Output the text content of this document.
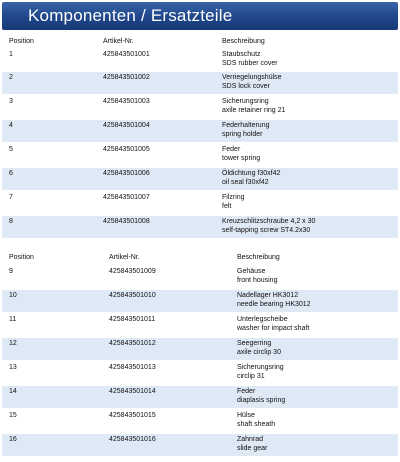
Komponenten / Ersatzteile
Position	Artikel-Nr.	Beschreibung
1	425843501001	Staubschutz
SDS rubber cover
2	425843501002	Verriegelungshülse
SDS lock cover
3	425843501003	Sicherungsring
axile retainer ring 21
4	425843501004	Federhalterung
spring holder
5	425843501005	Feder
tower spring
6	425843501006	Öldichtung f30xf42
oil seal f30xf42
7	425843501007	Filzring
felt
8	425843501008	Kreuzschlitzschraube 4,2 x 30
self-tapping screw ST4.2x30
Position	Artikel-Nr.	Beschreibung
9	425843501009	Gehäuse
front housing
10	425843501010	Nadellager HK3012
needle bearing HK3012
11	425843501011	Unterlegscheibe
washer for impact shaft
12	425843501012	Seegerring
axile circlip 30
13	425843501013	Sicherungsring
circlip 31
14	425843501014	Feder
diaplasis spring
15	425843501015	Hülse
shaft sheath
16	425843501016	Zahnrad
slide gear
